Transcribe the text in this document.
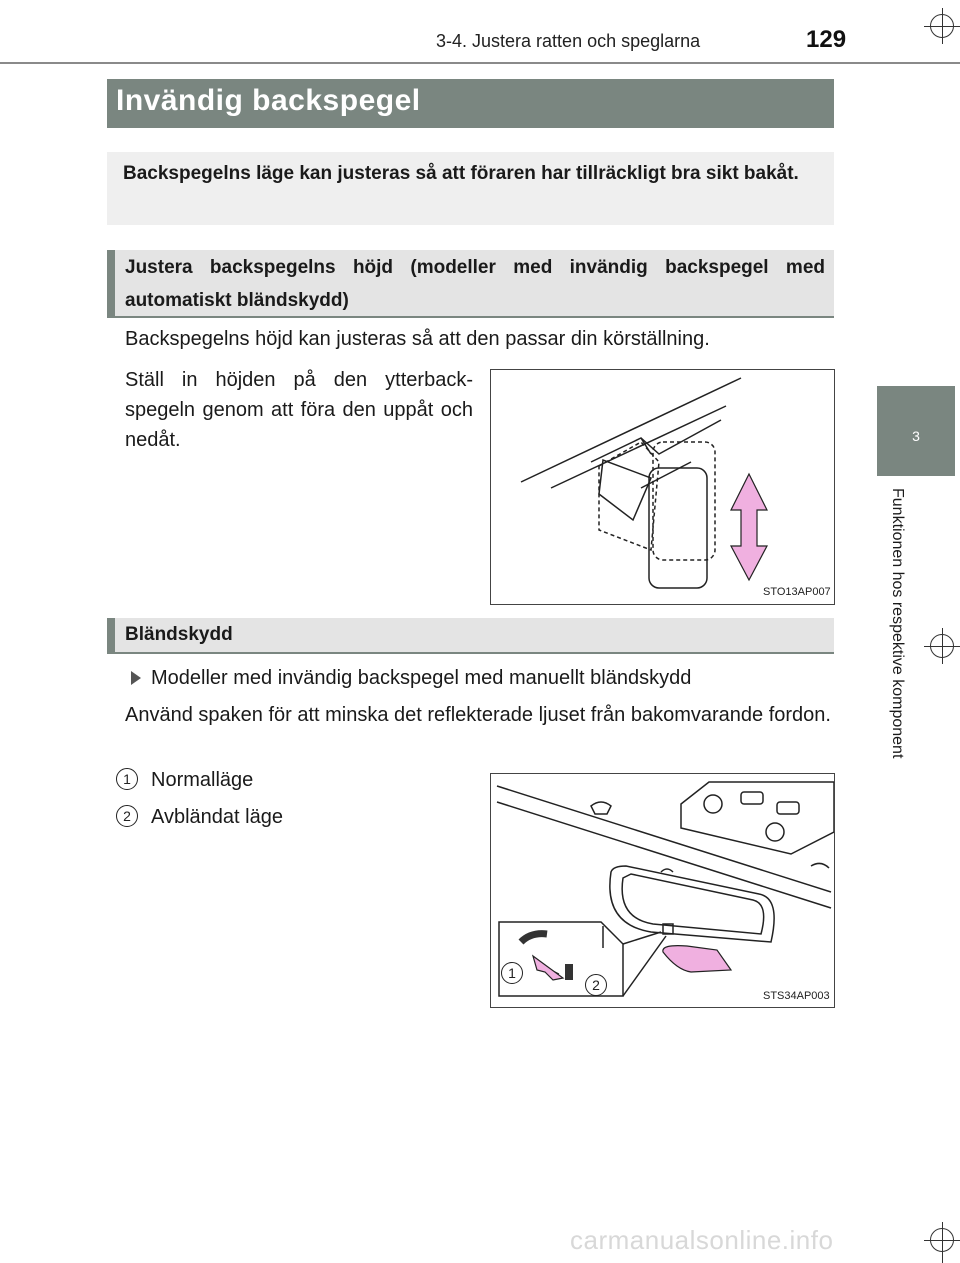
3-4. Justera ratten och speglarna	129
3
Funktionen hos respektive komponent
Invändig backspegel
Backspegelns läge kan justeras så att föraren har tillräckligt bra sikt bakåt.
Justera backspegelns höjd (modeller med invändig backspegel med automatiskt bländskydd)
Backspegelns höjd kan justeras så att den passar din körställning.
Ställ in höjden på den ytterbackspegeln genom att föra den uppåt och nedåt.
STO13AP007
Bländskydd
Modeller med invändig backspegel med manuellt bländskydd
Använd spaken för att minska det reflekterade ljuset från bakomvarande fordon.
1	Normalläge
2	Avbländat läge
1
2
STS34AP003
carmanualsonline.info
